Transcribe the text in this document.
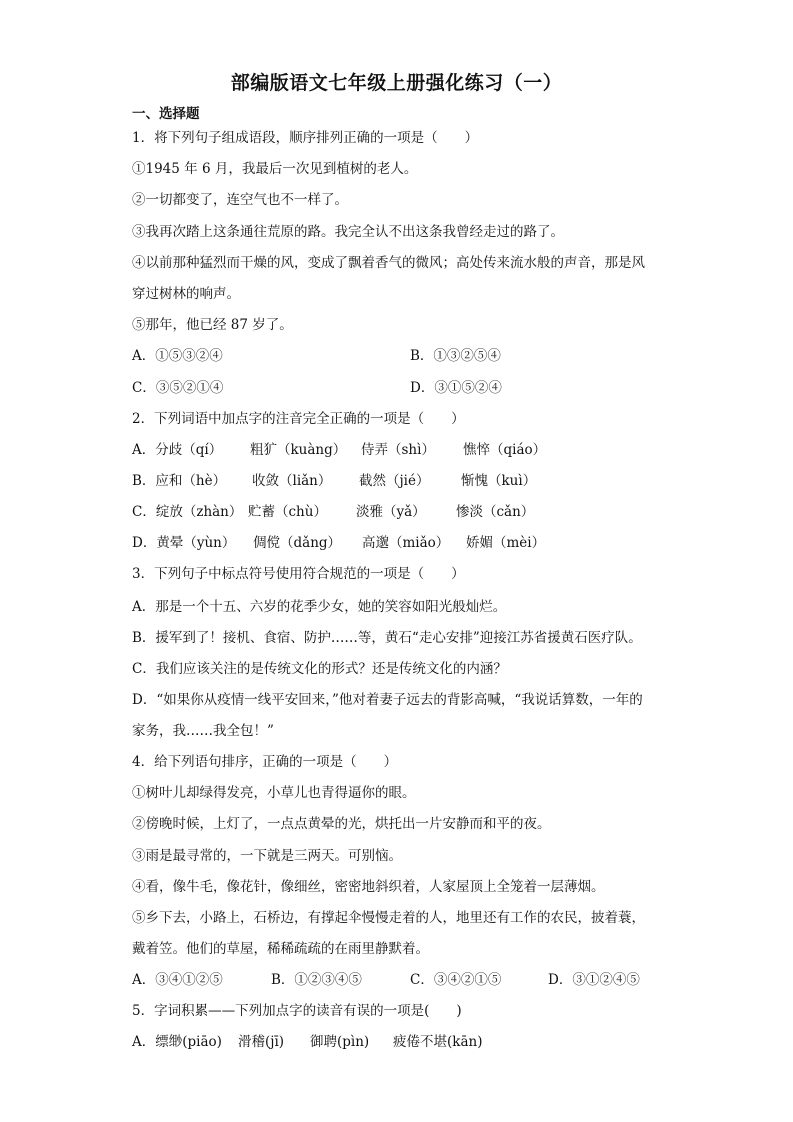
部编版语文七年级上册强化练习（一）
一、选择题
1．将下列句子组成语段，顺序排列正确的一项是（　　）
①1945 年 6 月，我最后一次见到植树的老人。
②一切都变了，连空气也不一样了。
③我再次踏上这条通往荒原的路。我完全认不出这条我曾经走过的路了。
④以前那种猛烈而干燥的风，变成了飘着香气的微风；高处传来流水般的声音，那是风
穿过树林的响声。
⑤那年，他已经 87 岁了。
A．①⑤③②④	B．①③②⑤④
C．③⑤②①④	D．③①⑤②④
2．下列词语中加点字的注音完全正确的一项是（　　）
A．分歧（qí） 粗犷（kuàng） 侍弄（shì） 憔悴（qiáo）
B．应和（hè） 收敛（liǎn） 截然（jié） 惭愧（kuì）
C．绽放（zhàn） 贮蓄（chù） 淡雅（yǎ） 惨淡（cǎn）
D．黄晕（yùn） 倜傥（dǎng） 高邈（miǎo） 娇媚（mèi）
3．下列句子中标点符号使用符合规范的一项是（　　）
A．那是一个十五、六岁的花季少女，她的笑容如阳光般灿烂。
B．援军到了！接机、食宿、防护……等，黄石“走心安排”迎接江苏省援黄石医疗队。
C．我们应该关注的是传统文化的形式？还是传统文化的内涵？
D．“如果你从疫情一线平安回来，”他对着妻子远去的背影高喊，“我说话算数，一年的
家务，我……我全包！”
4．给下列语句排序，正确的一项是（　　）
①树叶儿却绿得发亮，小草儿也青得逼你的眼。
②傍晚时候，上灯了，一点点黄晕的光，烘托出一片安静而和平的夜。
③雨是最寻常的，一下就是三两天。可别恼。
④看，像牛毛，像花针，像细丝，密密地斜织着，人家屋顶上全笼着一层薄烟。
⑤乡下去，小路上，石桥边，有撑起伞慢慢走着的人，地里还有工作的农民，披着蓑，
戴着笠。他们的草屋，稀稀疏疏的在雨里静默着。
A．③④①②⑤	B．①②③④⑤	C．③④②①⑤	D．③①②④⑤
5．字词积累——下列加点字的读音有误的一项是(　　)
A．缥缈(piāo) 滑稽(jī) 御聘(pìn) 疲倦不堪(kān)
